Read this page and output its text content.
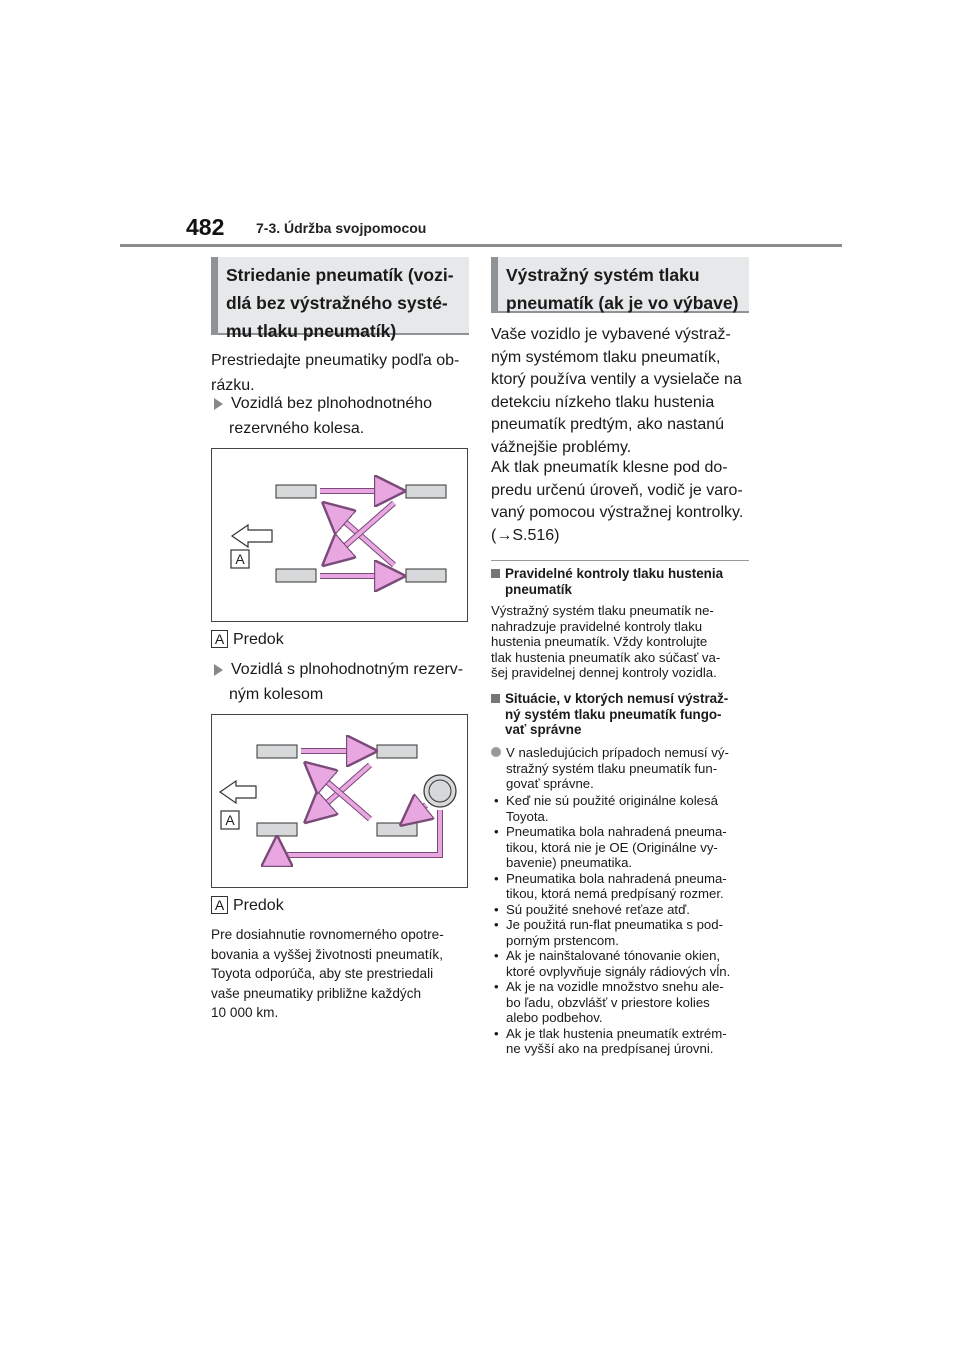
482 7-3. Údržba svojpomocou
Striedanie pneumatík (vozi-
dlá bez výstražného systé-
mu tlaku pneumatík)
Prestriedajte pneumatiky podľa ob-
rázku.
Vozidlá bez plnohodnotného
rezervného kolesa.
A
A Predok
Vozidlá s plnohodnotným rezerv-
ným kolesom
A
A Predok
Pre dosiahnutie rovnomerného opotre-
bovania a vyššej životnosti pneumatík,
Toyota odporúča, aby ste prestriedali
vaše pneumatiky približne každých
10 000 km.
Výstražný systém tlaku
pneumatík (ak je vo výbave)
Vaše vozidlo je vybavené výstraž-
ným systémom tlaku pneumatík,
ktorý používa ventily a vysielače na
detekciu nízkeho tlaku hustenia
pneumatík predtým, ako nastanú
vážnejšie problémy.
Ak tlak pneumatík klesne pod do-
predu určenú úroveň, vodič je varo-
vaný pomocou výstražnej kontrolky.
(→S.516)
Pravidelné kontroly tlaku hustenia
pneumatík
Výstražný systém tlaku pneumatík ne-
nahradzuje pravidelné kontroly tlaku
hustenia pneumatík. Vždy kontrolujte
tlak hustenia pneumatík ako súčasť va-
šej pravidelnej dennej kontroly vozidla.
Situácie, v ktorých nemusí výstraž-
ný systém tlaku pneumatík fungo-
vať správne
V nasledujúcich prípadoch nemusí vý-
stražný systém tlaku pneumatík fun-
govať správne.
• Keď nie sú použité originálne kolesá
Toyota.
• Pneumatika bola nahradená pneuma-
tikou, ktorá nie je OE (Originálne vy-
bavenie) pneumatika.
• Pneumatika bola nahradená pneuma-
tikou, ktorá nemá predpísaný rozmer.
• Sú použité snehové reťaze atď.
• Je použitá run-flat pneumatika s pod-
porným prstencom.
• Ak je nainštalované tónovanie okien,
ktoré ovplyvňuje signály rádiových vĺn.
• Ak je na vozidle množstvo snehu ale-
bo ľadu, obzvlášť v priestore kolies
alebo podbehov.
• Ak je tlak hustenia pneumatík extrém-
ne vyšší ako na predpísanej úrovni.
